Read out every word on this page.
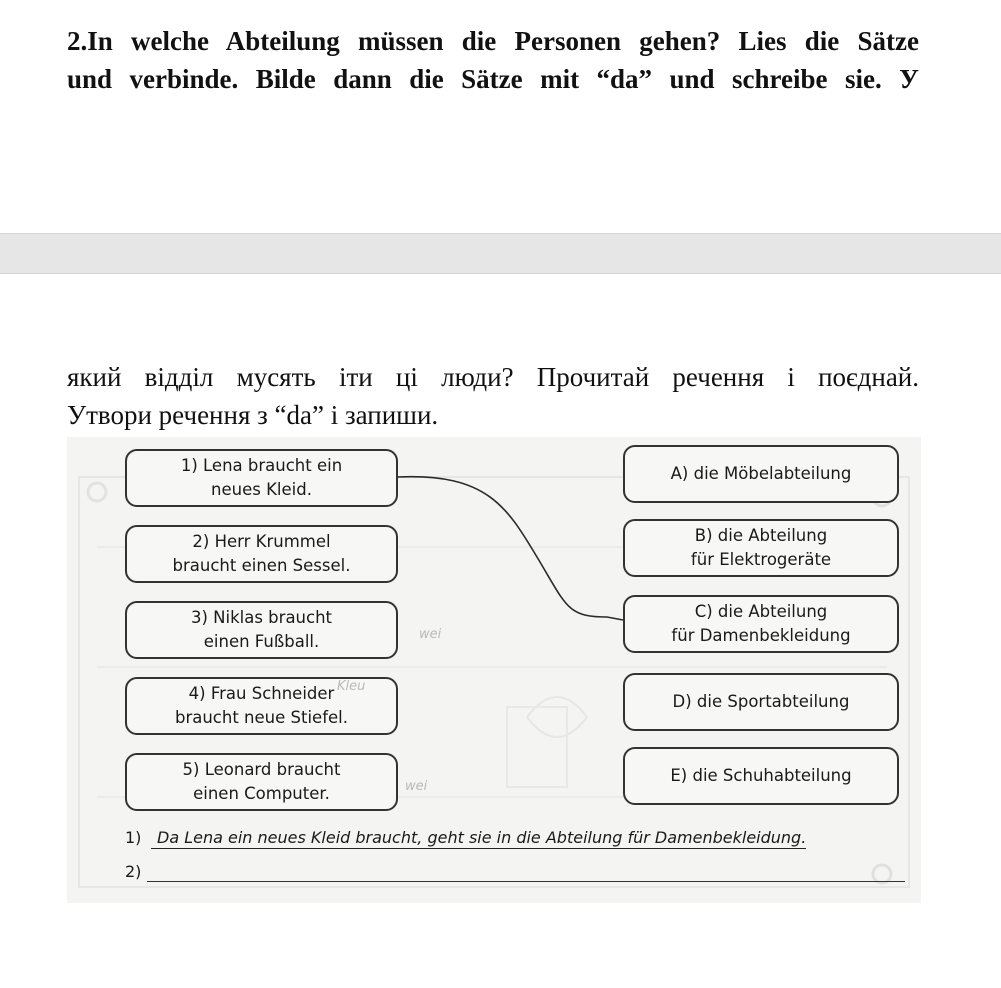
2.In welche Abteilung müssen die Personen gehen? Lies die Sätze
und verbinde. Bilde dann die Sätze mit “da” und schreibe sie. У

який відділ мусять іти ці люди? Прочитай речення і поєднай.
Утвори речення з “da” і запиши.

1) Lena braucht ein
neues Kleid.
2) Herr Krummel
braucht einen Sessel.
3) Niklas braucht
einen Fußball.
4) Frau Schneider
braucht neue Stiefel.
5) Leonard braucht
einen Computer.
A) die Möbelabteilung
B) die Abteilung
für Elektrogeräte
C) die Abteilung
für Damenbekleidung
D) die Sportabteilung
E) die Schuhabteilung
Kleu
wei
wei
1) Da Lena ein neues Kleid braucht, geht sie in die Abteilung für Damenbekleidung.
2)
